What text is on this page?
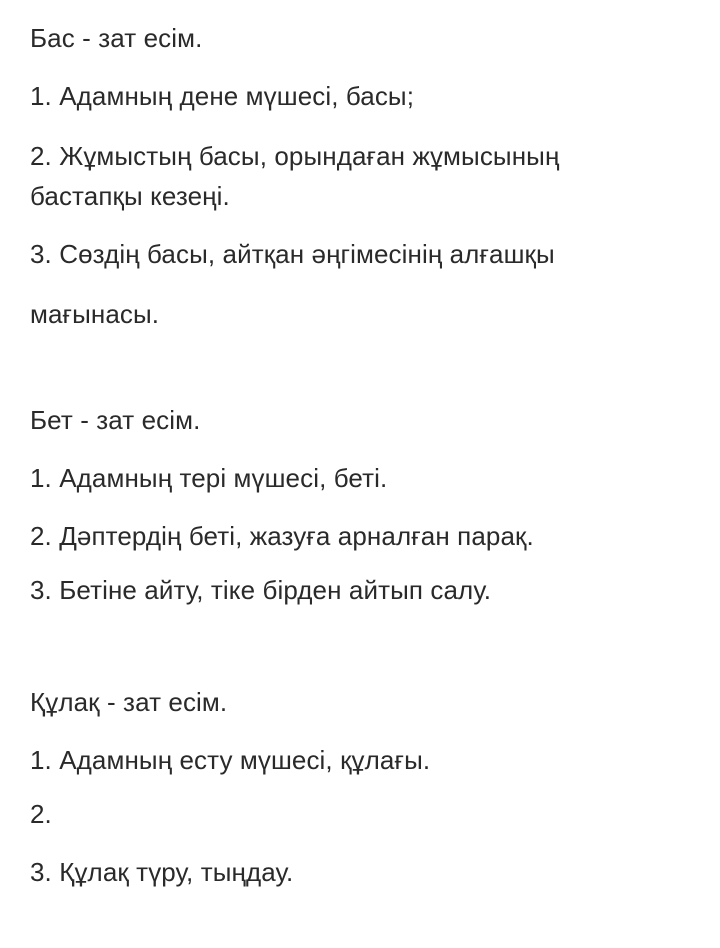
Бас - зат есім.
1. Адамның дене мүшесі, басы;
2. Жұмыстың басы, орындаған жұмысының
бастапқы кезеңі.
3. Сөздің басы, айтқан әңгімесінің алғашқы
мағынасы.
Бет - зат есім.
1. Адамның тері мүшесі, беті.
2. Дәптердің беті, жазуға арналған парақ.
3. Бетіне айту, тіке бірден айтып салу.
Құлақ - зат есім.
1. Адамның есту мүшесі, құлағы.
2.
3. Құлақ түру, тыңдау.
